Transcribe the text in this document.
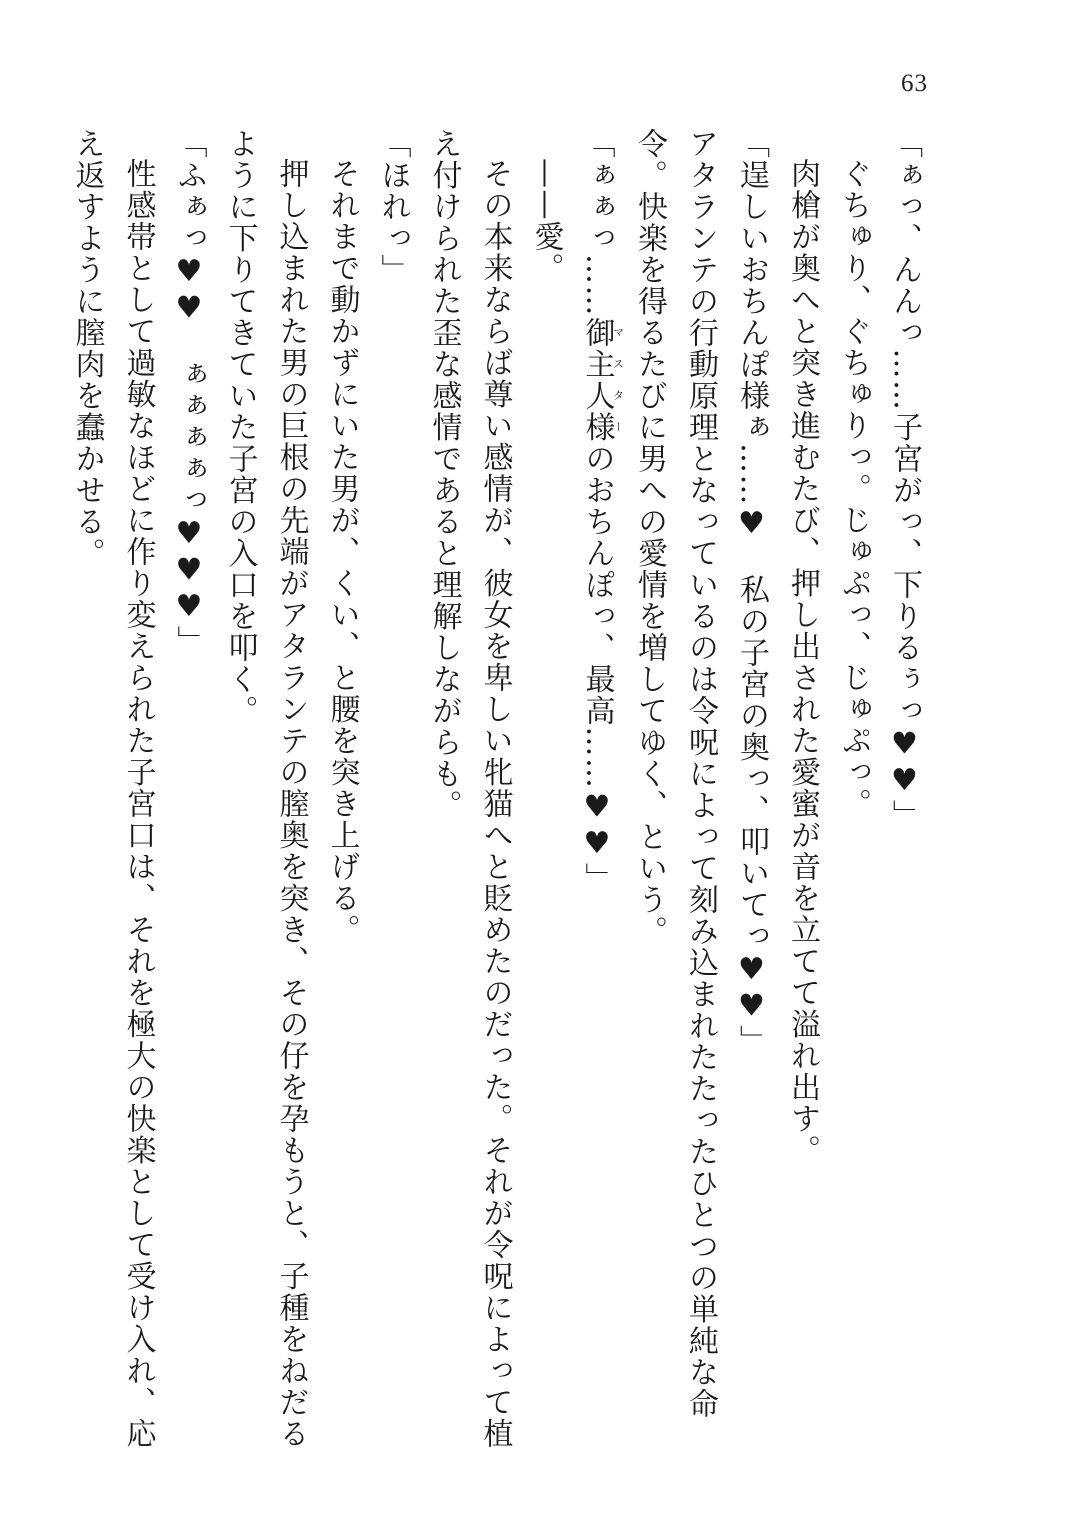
63

「ぁっ、んんっ……子宮がっ、下りるぅっ♥♥」

ぐちゅり、ぐちゅりっ。じゅぷっ、じゅぷっ。

肉槍が奥へと突き進むたび、押し出された愛蜜が音を立てて溢れ出す。

「逞しいおちんぽ様ぁ……♥　私の子宮の奥っ、叩いてっ♥♥」

アタランテの行動原理となっているのは令呪によって刻み込まれたたったひとつの単純な命令。快楽を得るたびに男への愛情を増してゆく、という。

「ぁぁっ……御主人様マスターのおちんぽっ、最高……♥♥」

——愛。

その本来ならば尊い感情が、彼女を卑しい牝猫へと貶めたのだった。それが令呪によって植え付けられた歪な感情であると理解しながらも。

「ほれっ」

それまで動かずにいた男が、くい、と腰を突き上げる。

押し込まれた男の巨根の先端がアタランテの膣奥を突き、その仔を孕もうと、子種をねだるように下りてきていた子宮の入口を叩く。

「ふぁっ♥♥　ぁぁぁぁっ♥♥♥」

性感帯として過敏なほどに作り変えられた子宮口は、それを極大の快楽として受け入れ、応え返すように膣肉を蠢かせる。
